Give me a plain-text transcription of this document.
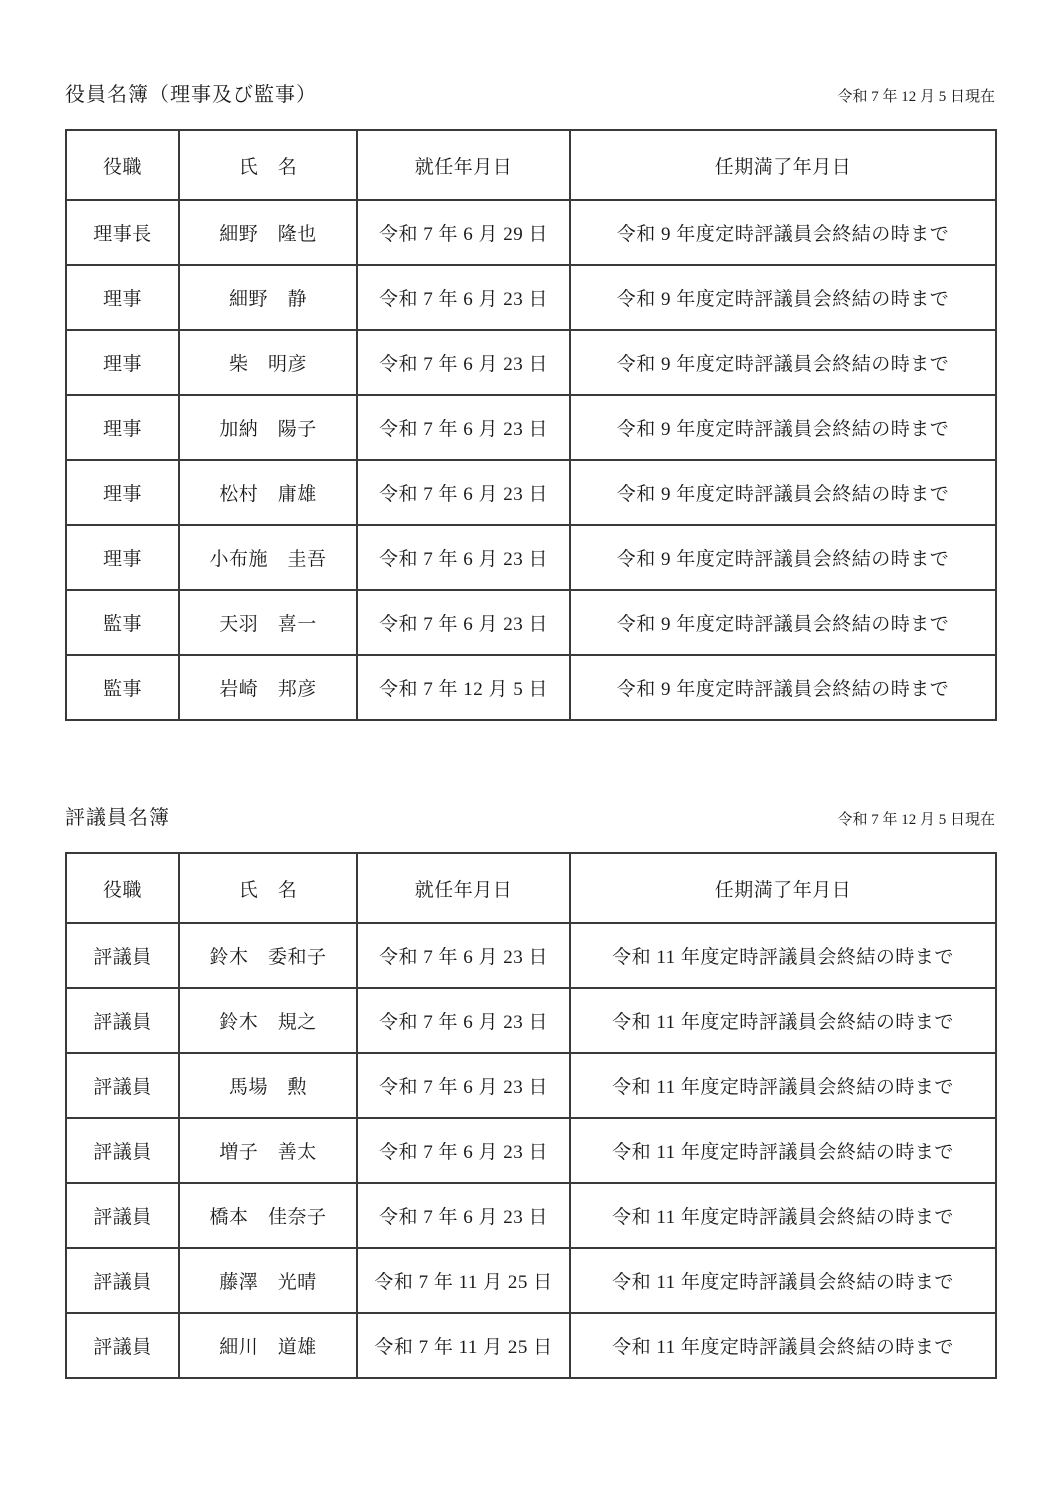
役員名簿（理事及び監事）	令和 7 年 12 月 5 日現在
役職	氏　名	就任年月日	任期満了年月日
理事長	細野　隆也	令和 7 年 6 月 29 日	令和 9 年度定時評議員会終結の時まで
理事	細野　静	令和 7 年 6 月 23 日	令和 9 年度定時評議員会終結の時まで
理事	柴　明彦	令和 7 年 6 月 23 日	令和 9 年度定時評議員会終結の時まで
理事	加納　陽子	令和 7 年 6 月 23 日	令和 9 年度定時評議員会終結の時まで
理事	松村　庸雄	令和 7 年 6 月 23 日	令和 9 年度定時評議員会終結の時まで
理事	小布施　圭吾	令和 7 年 6 月 23 日	令和 9 年度定時評議員会終結の時まで
監事	天羽　喜一	令和 7 年 6 月 23 日	令和 9 年度定時評議員会終結の時まで
監事	岩崎　邦彦	令和 7 年 12 月 5 日	令和 9 年度定時評議員会終結の時まで
評議員名簿	令和 7 年 12 月 5 日現在
役職	氏　名	就任年月日	任期満了年月日
評議員	鈴木　委和子	令和 7 年 6 月 23 日	令和 11 年度定時評議員会終結の時まで
評議員	鈴木　規之	令和 7 年 6 月 23 日	令和 11 年度定時評議員会終結の時まで
評議員	馬場　勲	令和 7 年 6 月 23 日	令和 11 年度定時評議員会終結の時まで
評議員	増子　善太	令和 7 年 6 月 23 日	令和 11 年度定時評議員会終結の時まで
評議員	橋本　佳奈子	令和 7 年 6 月 23 日	令和 11 年度定時評議員会終結の時まで
評議員	藤澤　光晴	令和 7 年 11 月 25 日	令和 11 年度定時評議員会終結の時まで
評議員	細川　道雄	令和 7 年 11 月 25 日	令和 11 年度定時評議員会終結の時まで
